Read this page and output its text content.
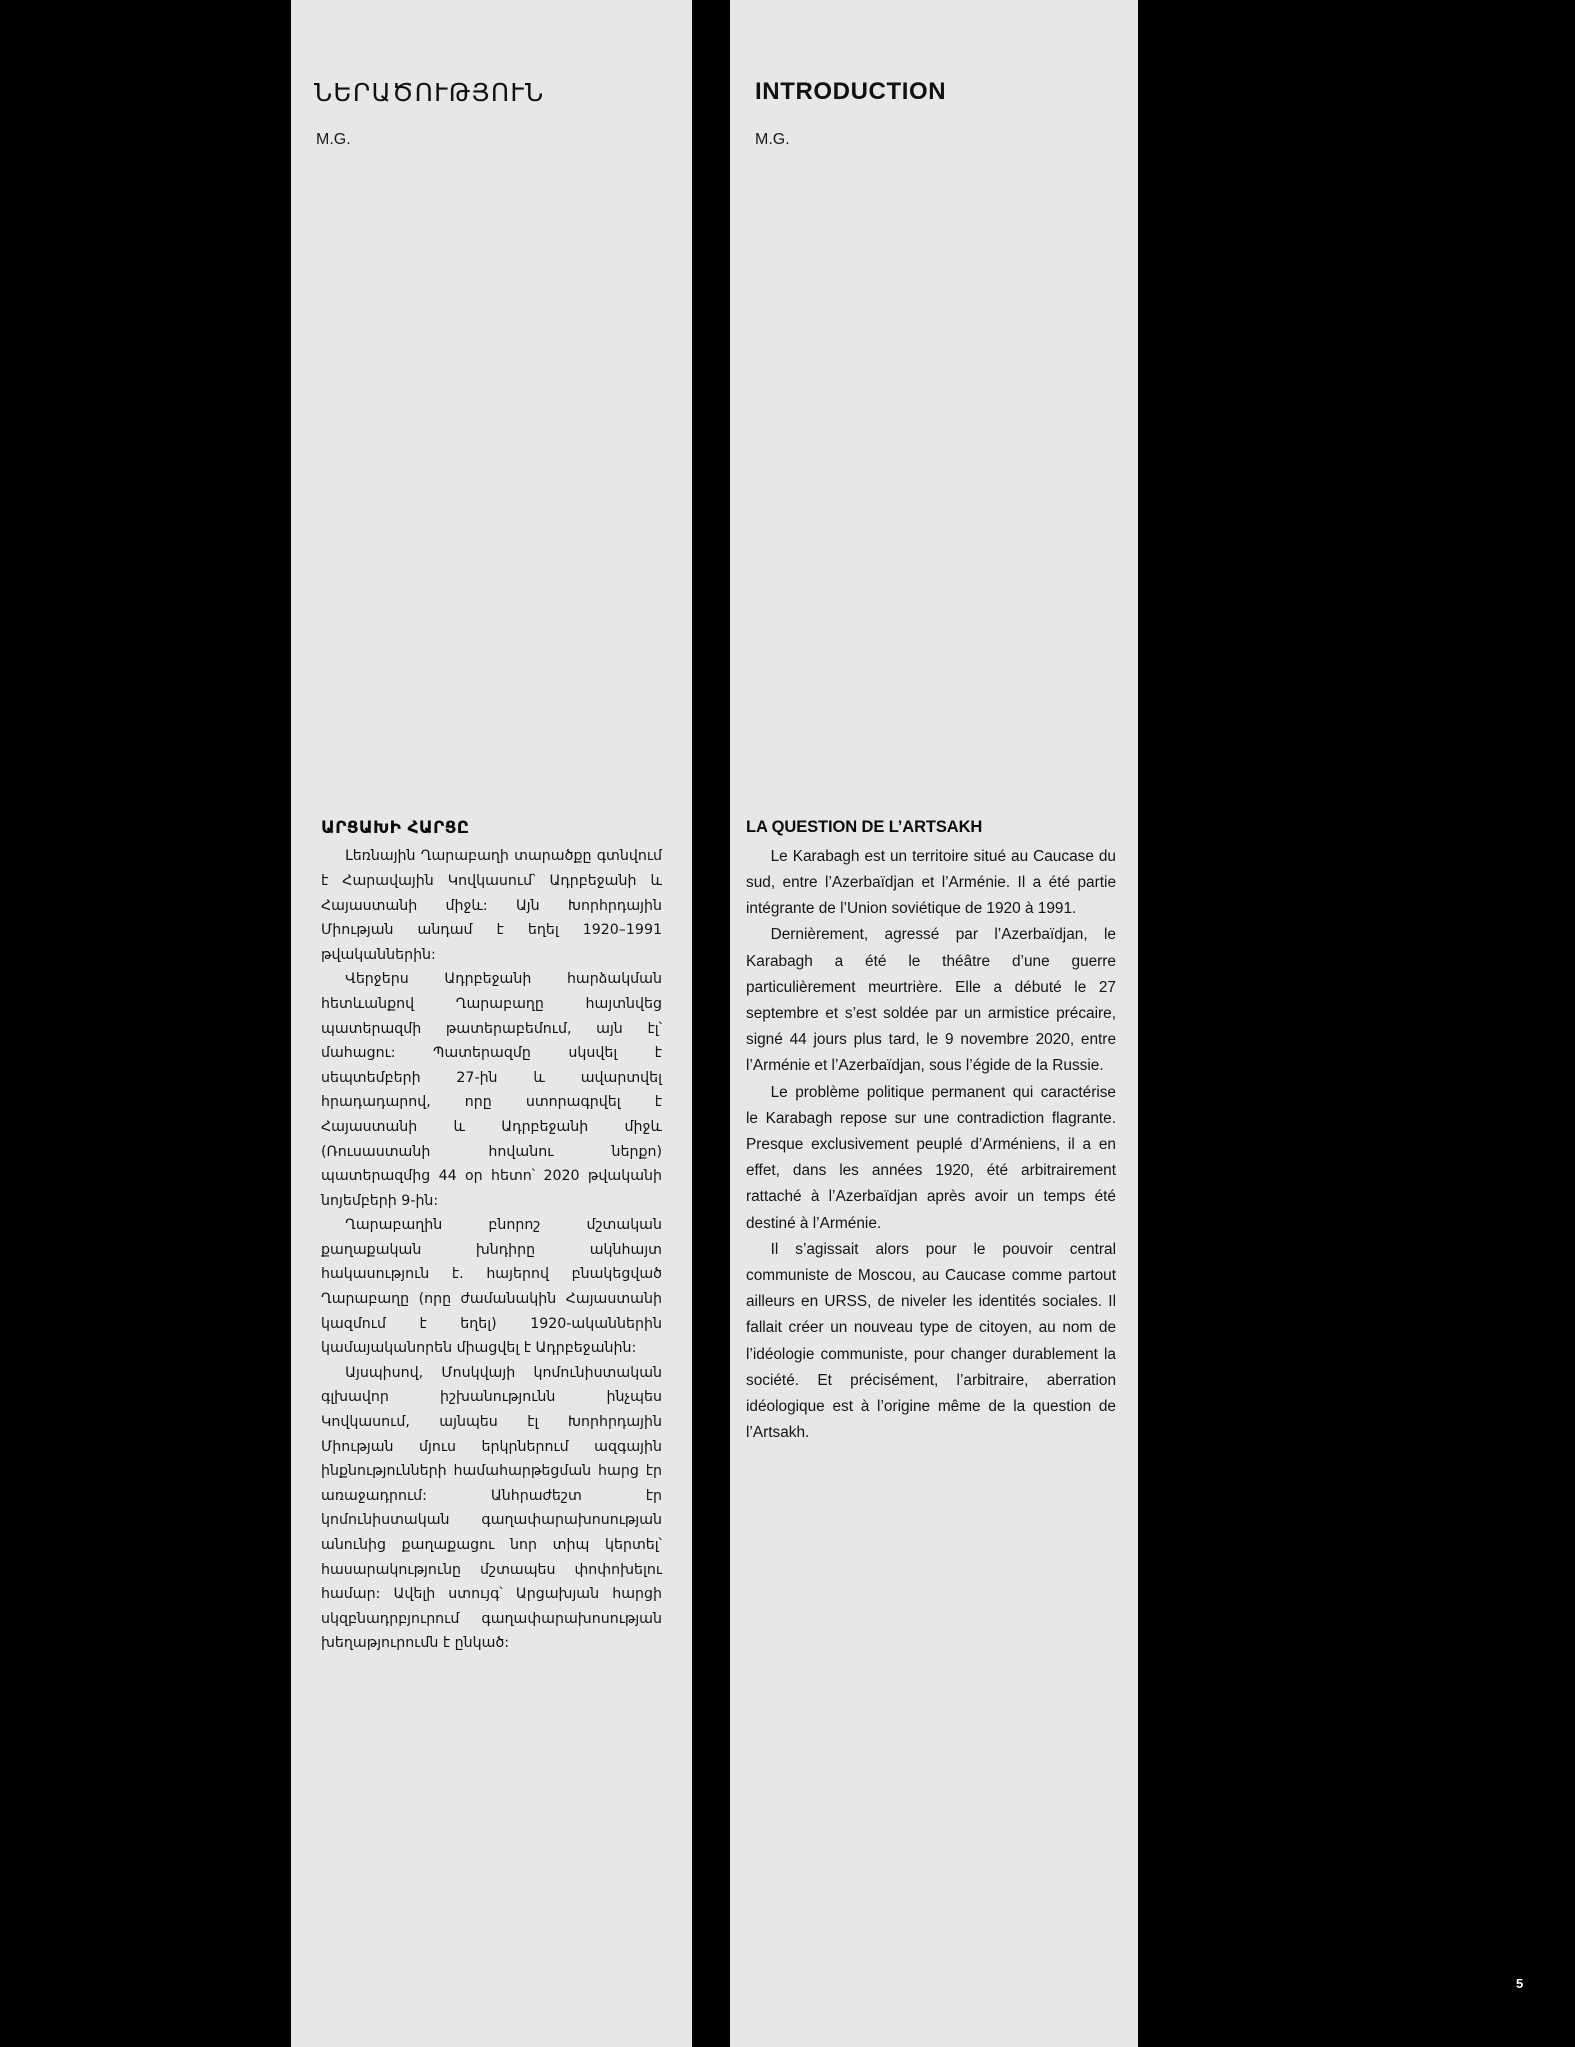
ՆԵՐԱԾՈՒԹՅՈՒՆ	INTRODUCTION
M.G.	M.G.
ԱՐՑԱԽԻ ՀԱՐՑԸ

Լեռնային Ղարաբաղի տարածքը գտնվում է Հարավային Կովկասում՝ Ադրբեջանի և Հայաստանի միջև: Այն Խորհրդային Միության անդամ է եղել 1920–1991 թվականներին:

Վերջերս Ադրբեջանի հարձակման հետևանքով Ղարաբաղը հայտնվեց պատերազմի թատերաբեմում, այն էլ՝ մահացու: Պատերազմը սկսվել է սեպտեմբերի 27-ին և ավարտվել հրադադարով, որը ստորագրվել է Հայաստանի և Ադրբեջանի միջև (Ռուսաստանի հովանու ներքո) պատերազմից 44 օր հետո՝ 2020 թվականի նոյեմբերի 9-ին:

Ղարաբաղին բնորոշ մշտական քաղաքական խնդիրը ակնհայտ հակասություն է. հայերով բնակեցված Ղարաբաղը (որը ժամանակին Հայաստանի կազմում է եղել) 1920-ականներին կամայականորեն միացվել է Ադրբեջանին:

Այսպիսով, Մոսկվայի կոմունիստական գլխավոր իշխանությունն ինչպես Կովկասում, այնպես էլ Խորհրդային Միության մյուս երկրներում ազգային ինքնությունների համահարթեցման հարց էր առաջադրում: Անհրաժեշտ էր կոմունիստական գաղափարախոսության անունից քաղաքացու նոր տիպ կերտել՝ հասարակությունը մշտապես փոփոխելու համար: Ավելի ստույգ՝ Արցախյան հարցի սկզբնադրբյուրում գաղափարախոսության խեղաթյուրումն է ընկած:

LA QUESTION DE L’ARTSAKH

Le Karabagh est un territoire situé au Caucase du sud, entre l’Azerbaïdjan et l’Arménie. Il a été partie intégrante de l’Union soviétique de 1920 à 1991.

Dernièrement, agressé par l’Azerbaïdjan, le Karabagh a été le théâtre d’une guerre particulièrement meurtrière. Elle a débuté le 27 septembre et s’est soldée par un armistice précaire, signé 44 jours plus tard, le 9 novembre 2020, entre l’Arménie et l’Azerbaïdjan, sous l’égide de la Russie.

Le problème politique permanent qui caractérise le Karabagh repose sur une contradiction flagrante. Presque exclusivement peuplé d’Arméniens, il a en effet, dans les années 1920, été arbitrairement rattaché à l’Azerbaïdjan après avoir un temps été destiné à l’Arménie.

Il s’agissait alors pour le pouvoir central communiste de Moscou, au Caucase comme partout ailleurs en URSS, de niveler les identités sociales. Il fallait créer un nouveau type de citoyen, au nom de l’idéologie communiste, pour changer durablement la société. Et précisément, l’arbitraire, aberration idéologique est à l’origine même de la question de l’Artsakh.

5
